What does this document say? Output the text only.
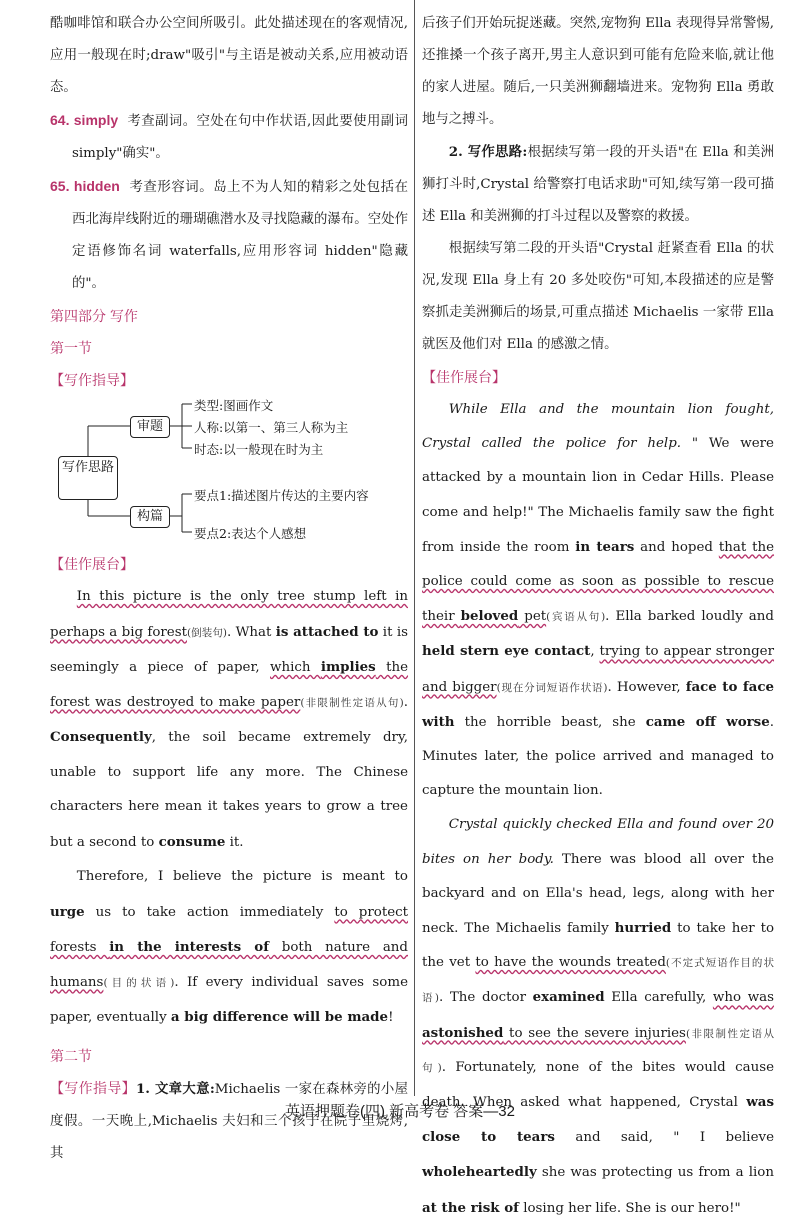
酷咖啡馆和联合办公空间所吸引。此处描述现在的客观情况,应用一般现在时;draw"吸引"与主语是被动关系,应用被动语态。

64. simply 考查副词。空处在句中作状语,因此要使用副词 simply"确实"。

65. hidden 考查形容词。岛上不为人知的精彩之处包括在西北海岸线附近的珊瑚礁潜水及寻找隐藏的瀑布。空处作定语修饰名词 waterfalls,应用形容词 hidden"隐藏的"。

第四部分 写作

第一节

【写作指导】

写作思路
审题
类型:图画作文
人称:以第一、第三人称为主
时态:以一般现在时为主
构篇
要点1:描述图片传达的主要内容
要点2:表达个人感想

【佳作展台】

In this picture is the only tree stump left in perhaps a big forest(倒装句). What is attached to it is seemingly a piece of paper, which implies the forest was destroyed to make paper(非限制性定语从句). Consequently, the soil became extremely dry, unable to support life any more. The Chinese characters here mean it takes years to grow a tree but a second to consume it.

Therefore, I believe the picture is meant to urge us to take action immediately to protect forests in the interests of both nature and humans(目的状语). If every individual saves some paper, eventually a big difference will be made!

第二节

【写作指导】1. 文章大意:Michaelis 一家在森林旁的小屋度假。一天晚上,Michaelis 夫妇和三个孩子在院子里烧烤,其

后孩子们开始玩捉迷藏。突然,宠物狗 Ella 表现得异常警惕,还推搡一个孩子离开,男主人意识到可能有危险来临,就让他的家人进屋。随后,一只美洲狮翻墙进来。宠物狗 Ella 勇敢地与之搏斗。

2. 写作思路:根据续写第一段的开头语"在 Ella 和美洲狮打斗时,Crystal 给警察打电话求助"可知,续写第一段可描述 Ella 和美洲狮的打斗过程以及警察的救援。

根据续写第二段的开头语"Crystal 赶紧查看 Ella 的状况,发现 Ella 身上有 20 多处咬伤"可知,本段描述的应是警察抓走美洲狮后的场景,可重点描述 Michaelis 一家带 Ella 就医及他们对 Ella 的感激之情。

【佳作展台】

While Ella and the mountain lion fought, Crystal called the police for help. " We were attacked by a mountain lion in Cedar Hills. Please come and help!" The Michaelis family saw the fight from inside the room in tears and hoped that the police could come as soon as possible to rescue their beloved pet(宾语从句). Ella barked loudly and held stern eye contact, trying to appear stronger and bigger(现在分词短语作状语). However, face to face with the horrible beast, she came off worse. Minutes later, the police arrived and managed to capture the mountain lion.

Crystal quickly checked Ella and found over 20 bites on her body. There was blood all over the backyard and on Ella's head, legs, along with her neck. The Michaelis family hurried to take her to the vet to have the wounds treated(不定式短语作目的状语). The doctor examined Ella carefully, who was astonished to see the severe injuries(非限制性定语从句). Fortunately, none of the bites would cause death. When asked what happened, Crystal was close to tears and said, " I believe wholeheartedly she was protecting us from a lion at the risk of losing her life. She is our hero!"

英语押题卷(四) 新高考卷 答案—32
